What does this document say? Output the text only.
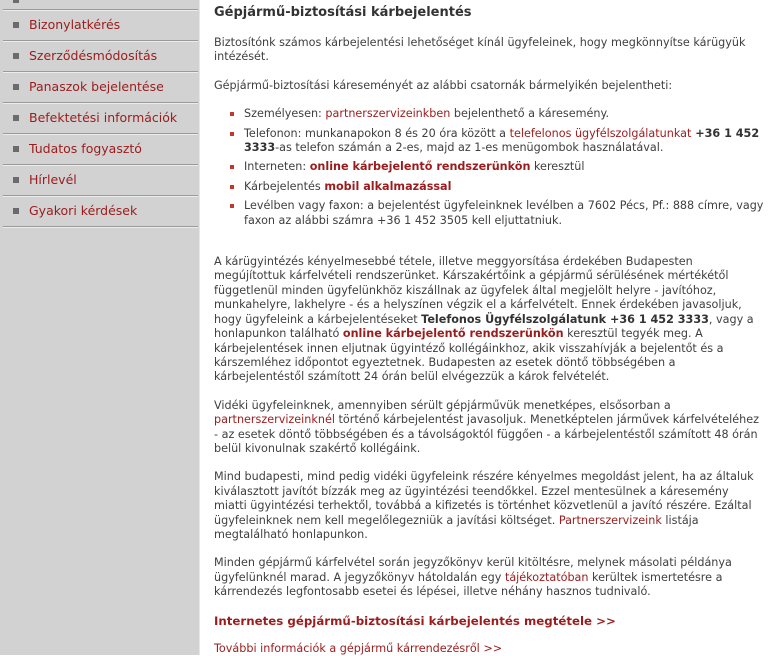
Bizonylatkérés
Szerződésmódosítás
Panaszok bejelentése
Befektetési információk
Tudatos fogyasztó
Hírlevél
Gyakori kérdések
Gépjármű-biztosítási kárbejelentés

Biztosítónk számos kárbejelentési lehetőséget kínál ügyfeleinek, hogy megkönnyítse kárügyük intézését.

Gépjármű-biztosítási káreseményét az alábbi csatornák bármelyikén bejelentheti:

Személyesen: partnerszervizeinkben bejelenthető a káresemény.
Telefonon: munkanapokon 8 és 20 óra között a telefelonos ügyfélszolgálatunkat +36 1 452 3333-as telefon számán a 2-es, majd az 1-es menügombok használatával.
Interneten: online kárbejelentő rendszerünkön keresztül
Kárbejelentés mobil alkalmazással
Levélben vagy faxon: a bejelentést ügyfeleinknek levélben a 7602 Pécs, Pf.: 888 címre, vagy faxon az alábbi számra +36 1 452 3505 kell eljuttatniuk.

A kárügyintézés kényelmesebbé tétele, illetve meggyorsítása érdekében Budapesten megújítottuk kárfelvételi rendszerünket. Kárszakértőink a gépjármű sérülésének mértékétől függetlenül minden ügyfelünkhöz kiszállnak az ügyfelek által megjelölt helyre - javítóhoz, munkahelyre, lakhelyre - és a helyszínen végzik el a kárfelvételt. Ennek érdekében javasoljuk, hogy ügyfeleink a kárbejelentéseket Telefonos Ügyfélszolgálatunk +36 1 452 3333, vagy a honlapunkon található online kárbejelentő rendszerünkön keresztül tegyék meg. A kárbejelentések innen eljutnak ügyintéző kollégáinkhoz, akik visszahívják a bejelentőt és a kárszemléhez időpontot egyeztetnek. Budapesten az esetek döntő többségében a kárbejelentéstől számított 24 órán belül elvégezzük a károk felvételét.

Vidéki ügyfeleinknek, amennyiben sérült gépjárművük menetképes, elsősorban a partnerszervizeinknél történő kárbejelentést javasoljuk. Menetképtelen járművek kárfelvételéhez - az esetek döntő többségében és a távolságoktól függően - a kárbejelentéstől számított 48 órán belül kivonulnak szakértő kollégáink.

Mind budapesti, mind pedig vidéki ügyfeleink részére kényelmes megoldást jelent, ha az általuk kiválasztott javítót bízzák meg az ügyintézési teendőkkel. Ezzel mentesülnek a káresemény miatti ügyintézési terhektől, továbbá a kifizetés is történhet közvetlenül a javító részére. Ezáltal ügyfeleinknek nem kell megelőlegezniük a javítási költséget. Partnerszervizeink listája megtalálható honlapunkon.

Minden gépjármű kárfelvétel során jegyzőkönyv kerül kitöltésre, melynek másolati példánya ügyfelünknél marad. A jegyzőkönyv hátoldalán egy tájékoztatóban kerültek ismertetésre a kárrendezés legfontosabb esetei és lépései, illetve néhány hasznos tudnivaló.

Internetes gépjármű-biztosítási kárbejelentés megtétele >>

További információk a gépjármű kárrendezésről >>
